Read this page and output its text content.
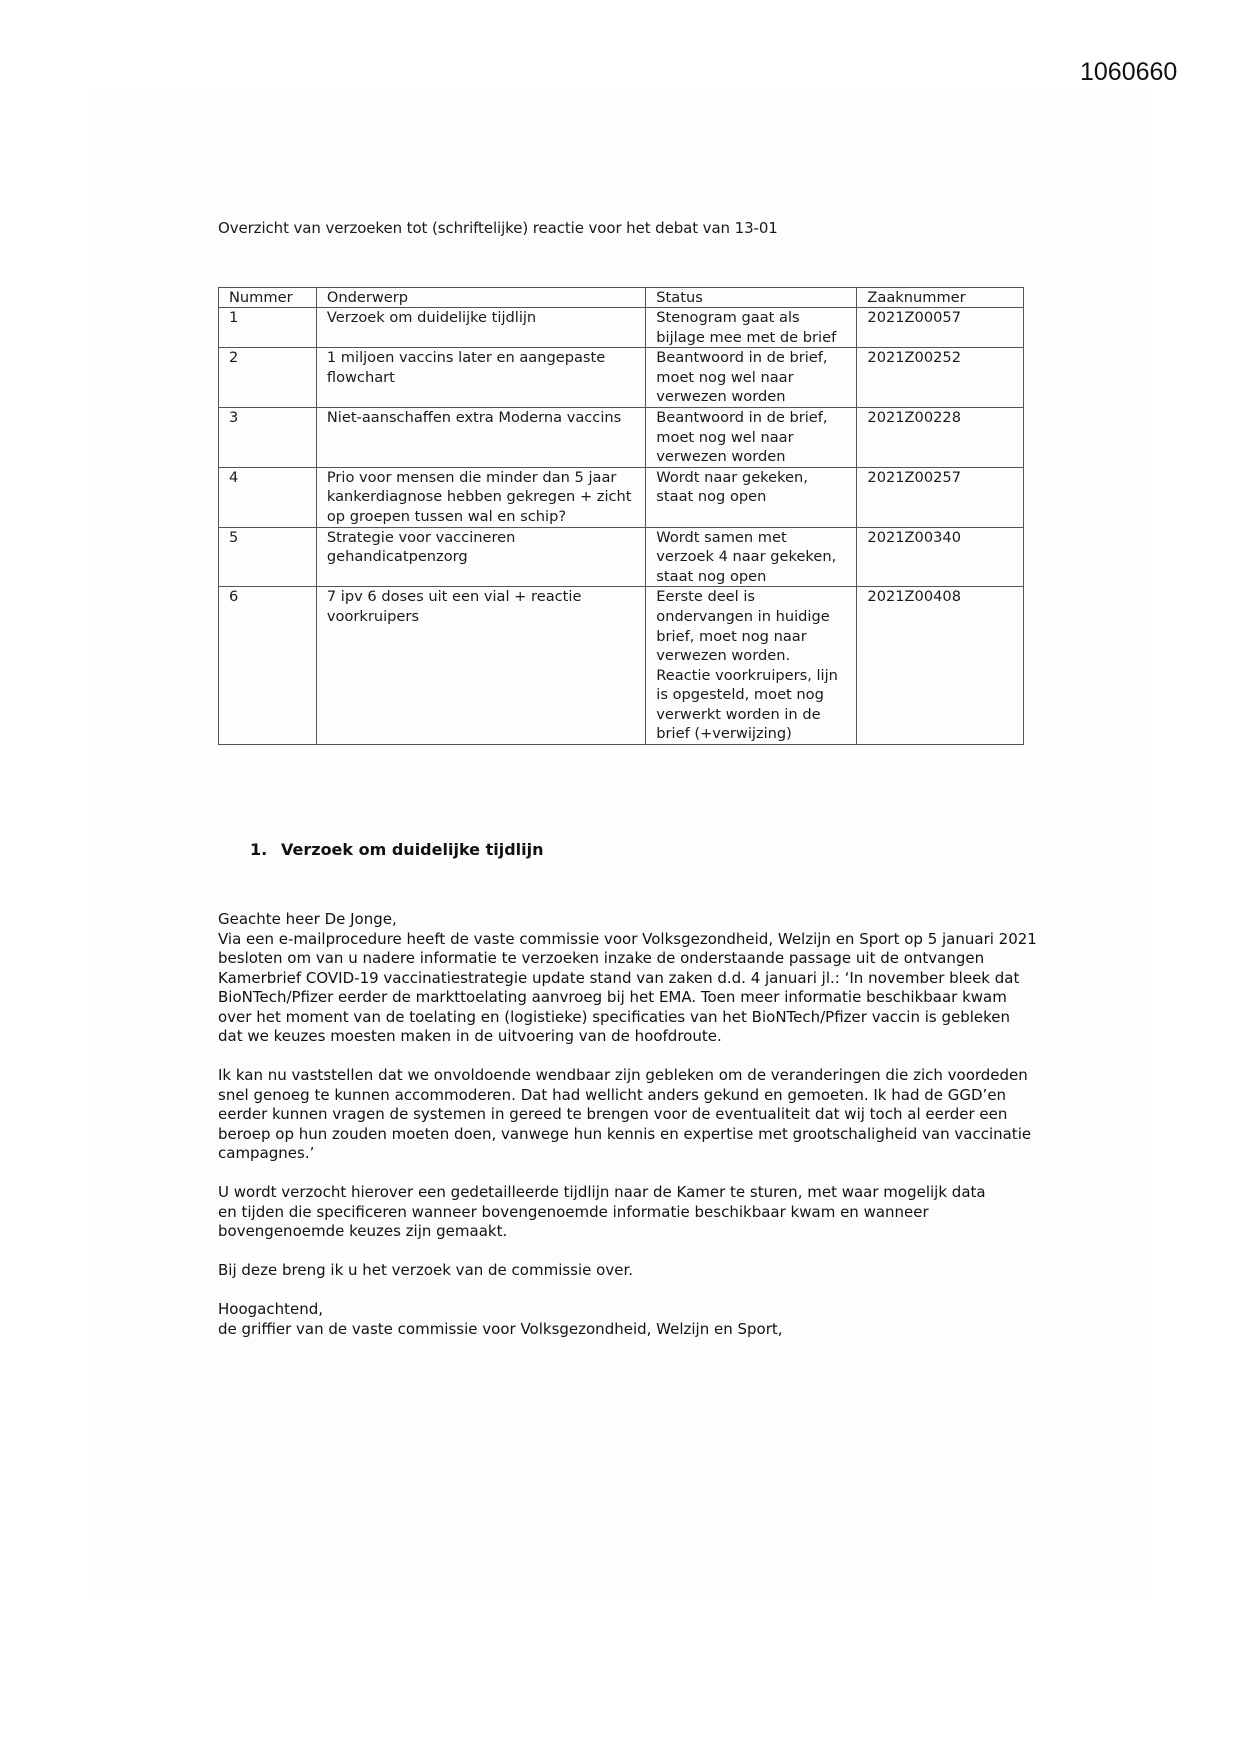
1060660
Overzicht van verzoeken tot (schriftelijke) reactie voor het debat van 13-01
Nummer	Onderwerp	Status	Zaaknummer
1	Verzoek om duidelijke tijdlijn	Stenogram gaat als bijlage mee met de brief	2021Z00057
2	1 miljoen vaccins later en aangepaste flowchart	Beantwoord in de brief, moet nog wel naar verwezen worden	2021Z00252
3	Niet-aanschaffen extra Moderna vaccins	Beantwoord in de brief, moet nog wel naar verwezen worden	2021Z00228
4	Prio voor mensen die minder dan 5 jaar kankerdiagnose hebben gekregen + zicht op groepen tussen wal en schip?	Wordt naar gekeken, staat nog open	2021Z00257
5	Strategie voor vaccineren gehandicatpenzorg	Wordt samen met verzoek 4 naar gekeken, staat nog open	2021Z00340
6	7 ipv 6 doses uit een vial + reactie voorkruipers	Eerste deel is ondervangen in huidige brief, moet nog naar verwezen worden. Reactie voorkruipers, lijn is opgesteld, moet nog verwerkt worden in de brief (+verwijzing)	2021Z00408
1. Verzoek om duidelijke tijdlijn
Geachte heer De Jonge,

Via een e-mailprocedure heeft de vaste commissie voor Volksgezondheid, Welzijn en Sport op 5 januari 2021 besloten om van u nadere informatie te verzoeken inzake de onderstaande passage uit de ontvangen Kamerbrief COVID-19 vaccinatiestrategie update stand van zaken d.d. 4 januari jl.: ‘In november bleek dat BioNTech/Pfizer eerder de markttoelating aanvroeg bij het EMA. Toen meer informatie beschikbaar kwam over het moment van de toelating en (logistieke) specificaties van het BioNTech/Pfizer vaccin is gebleken dat we keuzes moesten maken in de uitvoering van de hoofdroute.

Ik kan nu vaststellen dat we onvoldoende wendbaar zijn gebleken om de veranderingen die zich voordeden snel genoeg te kunnen accommoderen. Dat had wellicht anders gekund en gemoeten. Ik had de GGD’en eerder kunnen vragen de systemen in gereed te brengen voor de eventualiteit dat wij toch al eerder een beroep op hun zouden moeten doen, vanwege hun kennis en expertise met grootschaligheid van vaccinatie campagnes.’

U wordt verzocht hierover een gedetailleerde tijdlijn naar de Kamer te sturen, met waar mogelijk data
en tijden die specificeren wanneer bovengenoemde informatie beschikbaar kwam en wanneer bovengenoemde keuzes zijn gemaakt.

Bij deze breng ik u het verzoek van de commissie over.

Hoogachtend,
de griffier van de vaste commissie voor Volksgezondheid, Welzijn en Sport,
